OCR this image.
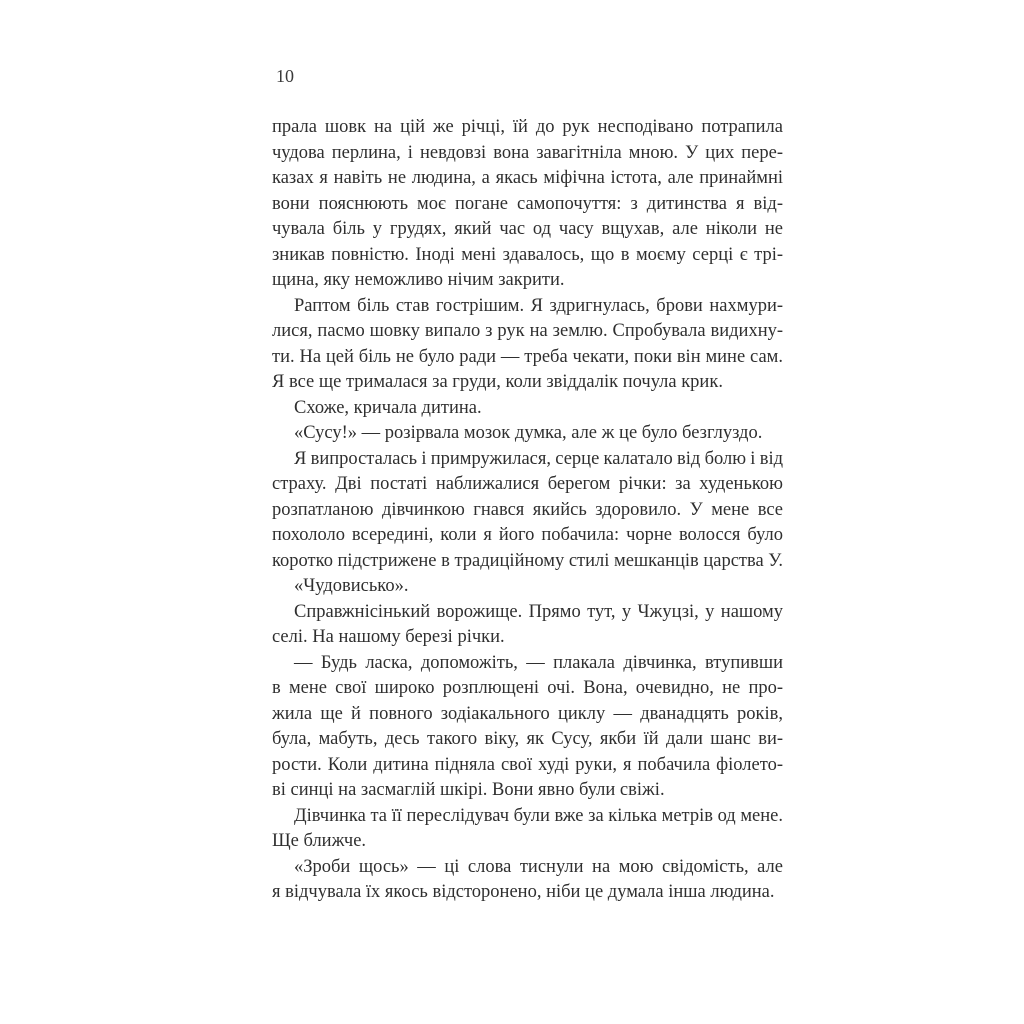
10
прала шовк на цій же річці, їй до рук несподівано потрапила
чудова перлина, і невдовзі вона завагітніла мною. У цих пере-
казах я навіть не людина, а якась міфічна істота, але принаймні
вони пояснюють моє погане самопочуття: з дитинства я від-
чувала біль у грудях, який час од часу вщухав, але ніколи не
зникав повністю. Іноді мені здавалось, що в моєму серці є трі-
щина, яку неможливо нічим закрити.
Раптом біль став гострішим. Я здригнулась, брови нахмури-
лися, пасмо шовку випало з рук на землю. Спробувала видихну-
ти. На цей біль не було ради — треба чекати, поки він мине сам.
Я все ще трималася за груди, коли звіддалік почула крик.
Схоже, кричала дитина.
«Сусу!» — розірвала мозок думка, але ж це було безглуздо.
Я випросталась і примружилася, серце калатало від болю і від
страху. Дві постаті наближалися берегом річки: за худенькою
розпатланою дівчинкою гнався якийсь здоровило. У мене все
похололо всередині, коли я його побачила: чорне волосся було
коротко підстрижене в традиційному стилі мешканців царства У.
«Чудовисько».
Справжнісінький ворожище. Прямо тут, у Чжуцзі, у нашому
селі. На нашому березі річки.
— Будь ласка, допоможіть, — плакала дівчинка, втупивши
в мене свої широко розплющені очі. Вона, очевидно, не про-
жила ще й повного зодіакального циклу — дванадцять років,
була, мабуть, десь такого віку, як Сусу, якби їй дали шанс ви-
рости. Коли дитина підняла свої худі руки, я побачила фіолето-
ві синці на засмаглій шкірі. Вони явно були свіжі.
Дівчинка та її переслідувач були вже за кілька метрів од мене.
Ще ближче.
«Зроби щось» — ці слова тиснули на мою свідомість, але
я відчувала їх якось відсторонено, ніби це думала інша людина.
